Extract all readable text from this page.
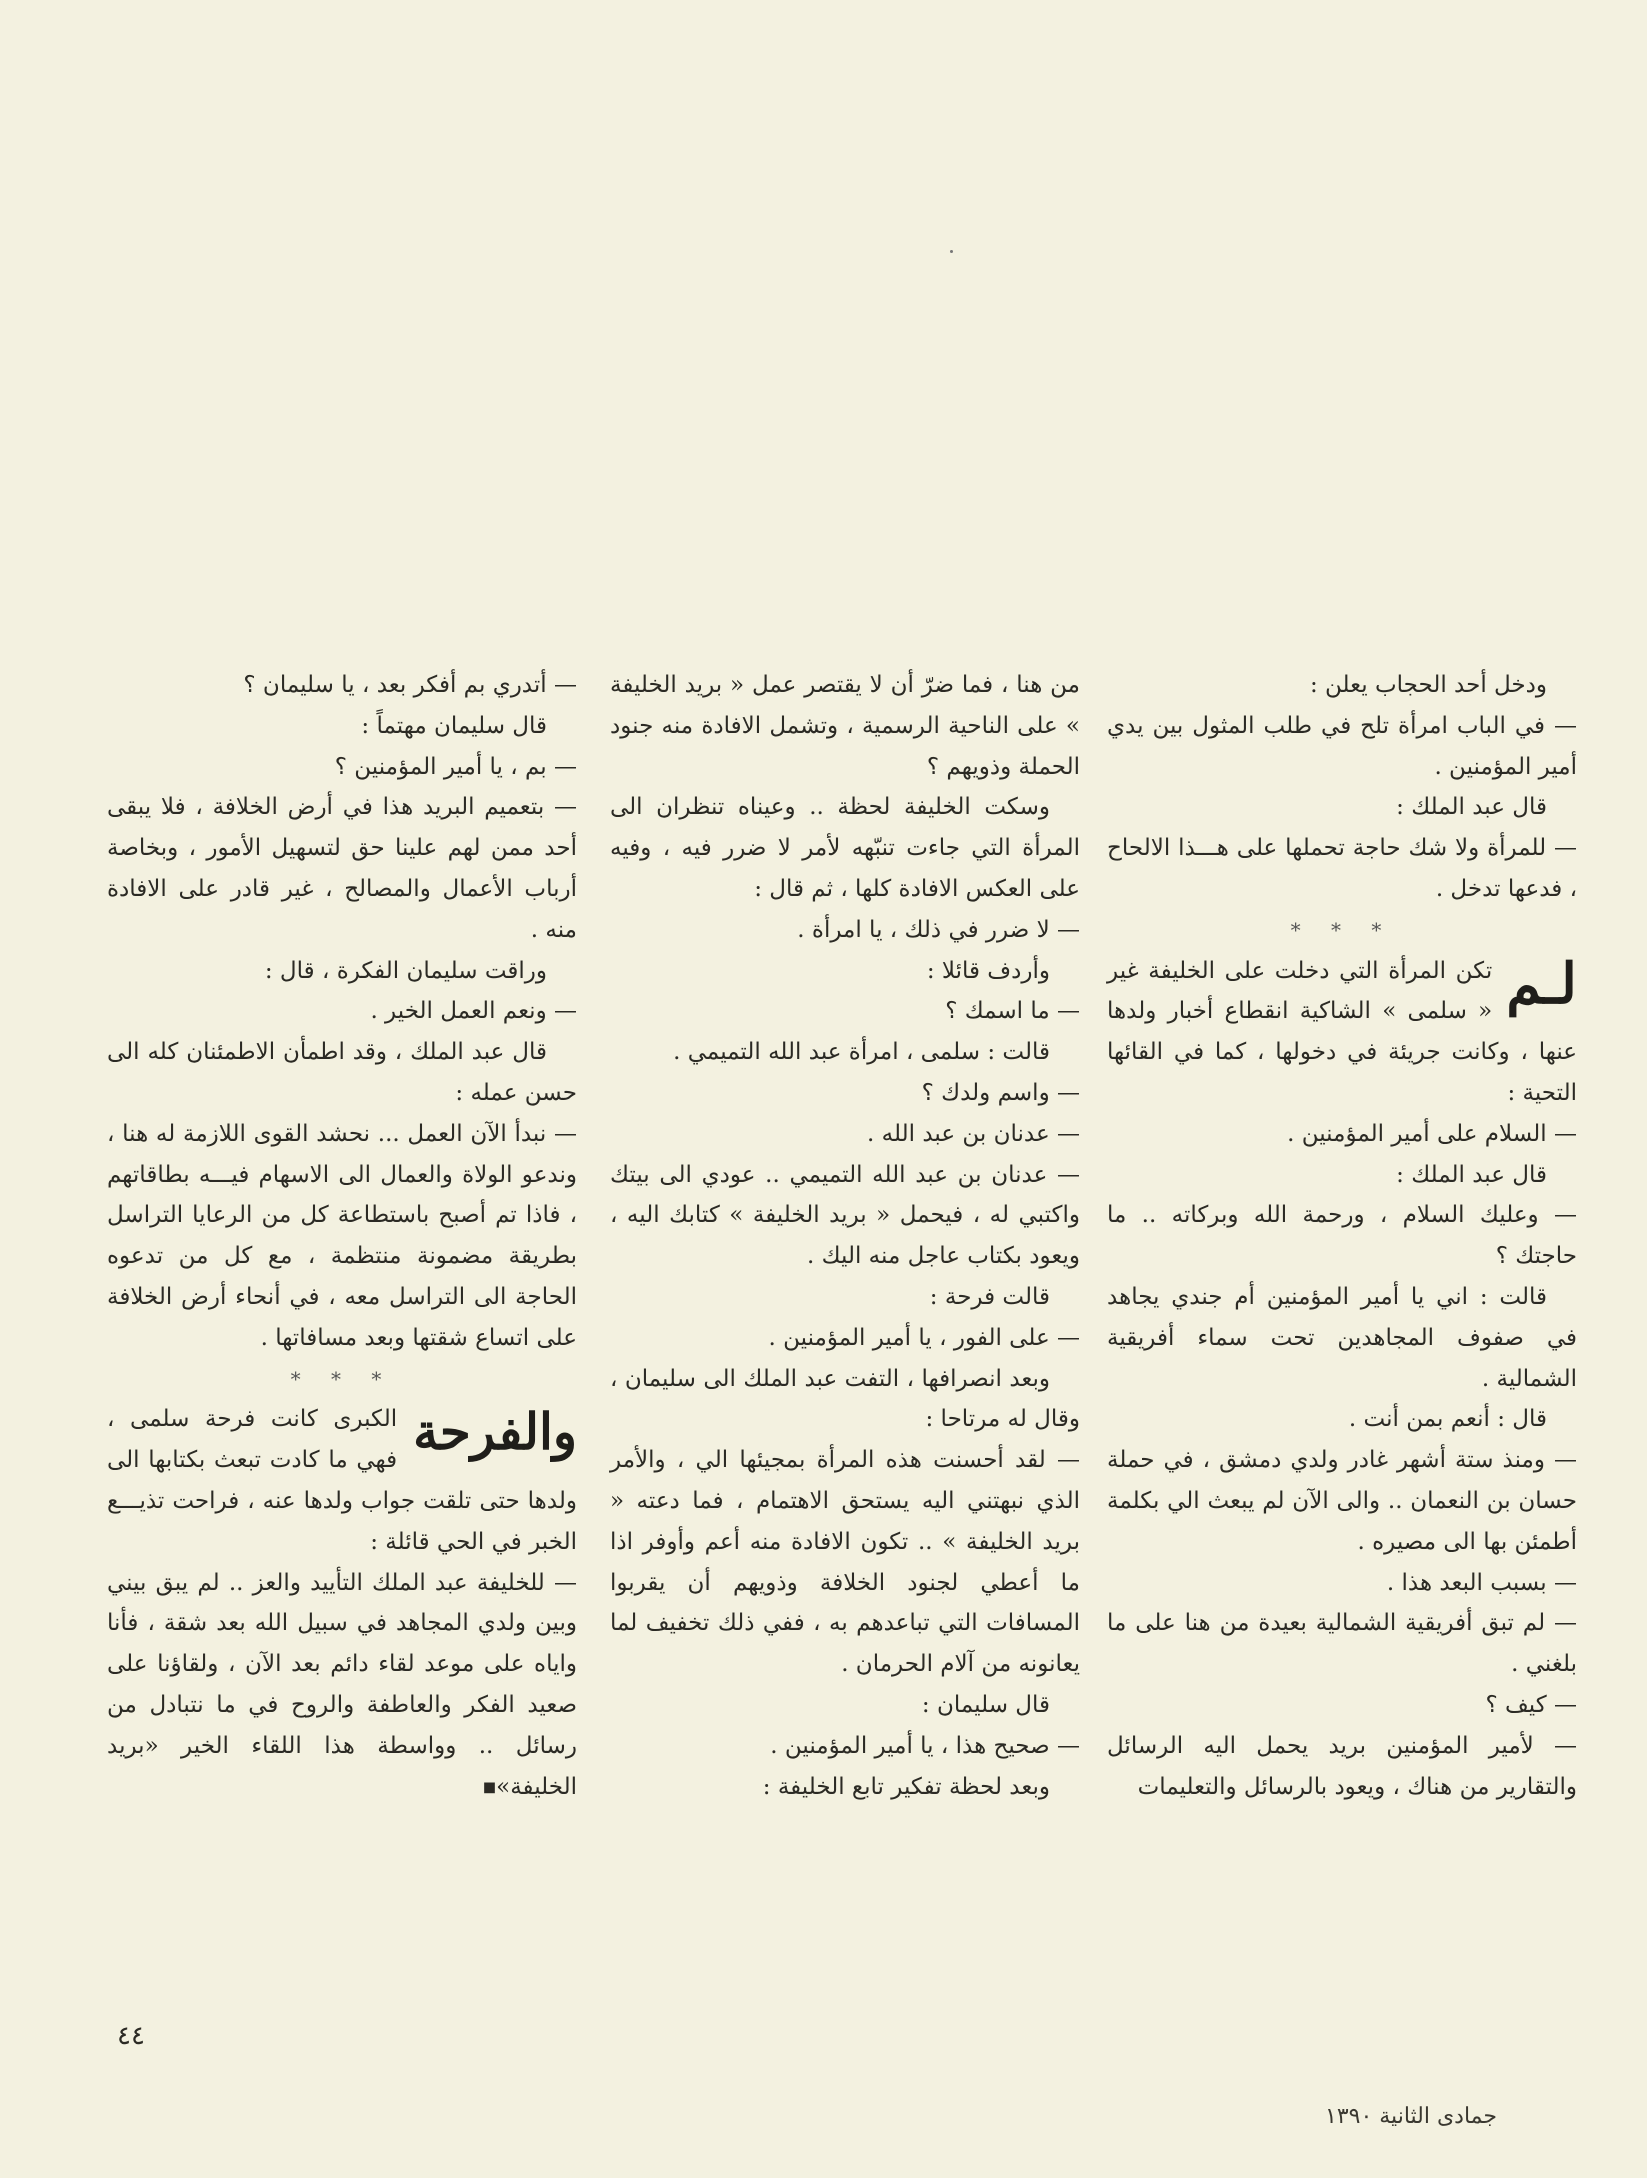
ودخل أحد الحجاب يعلن :

— في الباب امرأة تلح في طلب المثول بين يدي أمير المؤمنين .

قال عبد الملك :

— للمرأة ولا شك حاجة تحملها على هـــذا الالحاح ، فدعها تدخل .

* * *

لـم
تكن المرأة التي دخلت على الخليفة غير « سلمى » الشاكية انقطاع أخبار ولدها عنها ، وكانت جريئة في دخولها ، كما في القائها التحية :

— السلام على أمير المؤمنين .

قال عبد الملك :

— وعليك السلام ، ورحمة الله وبركاته .. ما حاجتك ؟

قالت : اني يا أمير المؤمنين أم جندي يجاهد في صفوف المجاهدين تحت سماء أفريقية الشمالية .

قال : أنعم بمن أنت .

— ومنذ ستة أشهر غادر ولدي دمشق ، في حملة حسان بن النعمان .. والى الآن لم يبعث الي بكلمة أطمئن بها الى مصيره .

— بسبب البعد هذا .

— لم تبق أفريقية الشمالية بعيدة من هنا على ما بلغني .

— كيف ؟

— لأمير المؤمنين بريد يحمل اليه الرسائل والتقارير من هناك ، ويعود بالرسائل والتعليمات

من هنا ، فما ضرّ أن لا يقتصر عمل « بريد الخليفة » على الناحية الرسمية ، وتشمل الافادة منه جنود الحملة وذويهم ؟

وسكت الخليفة لحظة .. وعيناه تنظران الى المرأة التي جاءت تنبّهه لأمر لا ضرر فيه ، وفيه على العكس الافادة كلها ، ثم قال :

— لا ضرر في ذلك ، يا امرأة .

وأردف قائلا :

— ما اسمك ؟

قالت : سلمى ، امرأة عبد الله التميمي .

— واسم ولدك ؟

— عدنان بن عبد الله .

— عدنان بن عبد الله التميمي .. عودي الى بيتك واكتبي له ، فيحمل « بريد الخليفة » كتابك اليه ، ويعود بكتاب عاجل منه اليك .

قالت فرحة :

— على الفور ، يا أمير المؤمنين .

وبعد انصرافها ، التفت عبد الملك الى سليمان ، وقال له مرتاحا :

— لقد أحسنت هذه المرأة بمجيئها الي ، والأمر الذي نبهتني اليه يستحق الاهتمام ، فما دعته « بريد الخليفة » .. تكون الافادة منه أعم وأوفر اذا ما أعطي لجنود الخلافة وذويهم أن يقربوا المسافات التي تباعدهم به ، ففي ذلك تخفيف لما يعانونه من آلام الحرمان .

قال سليمان :

— صحيح هذا ، يا أمير المؤمنين .

وبعد لحظة تفكير تابع الخليفة :

— أتدري بم أفكر بعد ، يا سليمان ؟

قال سليمان مهتماً :

— بم ، يا أمير المؤمنين ؟

— بتعميم البريد هذا في أرض الخلافة ، فلا يبقى أحد ممن لهم علينا حق لتسهيل الأمور ، وبخاصة أرباب الأعمال والمصالح ، غير قادر على الافادة منه .

وراقت سليمان الفكرة ، قال :

— ونعم العمل الخير .

قال عبد الملك ، وقد اطمأن الاطمئنان كله الى حسن عمله :

— نبدأ الآن العمل ... نحشد القوى اللازمة له هنا ، وندعو الولاة والعمال الى الاسهام فيـــه بطاقاتهم ، فاذا تم أصبح باستطاعة كل من الرعايا التراسل بطريقة مضمونة منتظمة ، مع كل من تدعوه الحاجة الى التراسل معه ، في أنحاء أرض الخلافة على اتساع شقتها وبعد مسافاتها .

* * *

والفرحة
الكبرى كانت فرحة سلمى ، فهي ما كادت تبعث بكتابها الى ولدها حتى تلقت جواب ولدها عنه ، فراحت تذيـــع الخبر في الحي قائلة :

— للخليفة عبد الملك التأييد والعز .. لم يبق بيني وبين ولدي المجاهد في سبيل الله بعد شقة ، فأنا واياه على موعد لقاء دائم بعد الآن ، ولقاؤنا على صعيد الفكر والعاطفة والروح في ما نتبادل من رسائل .. وواسطة هذا اللقاء الخير «بريد الخليفة»■

٤٤
جمادى الثانية ١٣٩٠
